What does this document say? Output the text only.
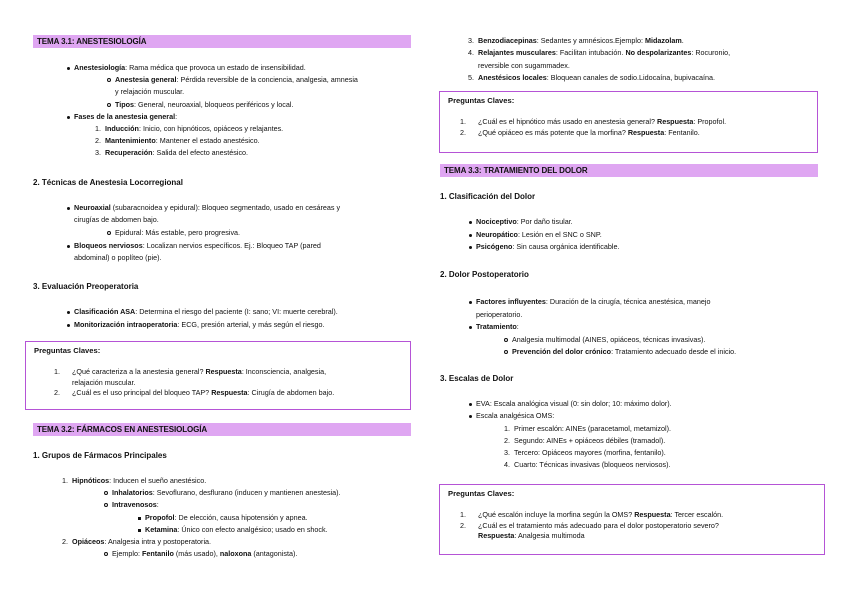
TEMA 3.1: ANESTESIOLOGÍA
Anestesiología: Rama médica que provoca un estado de insensibilidad.
Anestesia general: Pérdida reversible de la conciencia, analgesia, amnesia
y relajación muscular.
Tipos: General, neuroaxial, bloqueos periféricos y local.
Fases de la anestesia general:
1. Inducción: Inicio, con hipnóticos, opiáceos y relajantes.
2. Mantenimiento: Mantener el estado anestésico.
3. Recuperación: Salida del efecto anestésico.
2. Técnicas de Anestesia Locorregional
Neuroaxial (subaracnoidea y epidural): Bloqueo segmentado, usado en cesáreas y
cirugías de abdomen bajo.
Epidural: Más estable, pero progresiva.
Bloqueos nerviosos: Localizan nervios específicos. Ej.: Bloqueo TAP (pared
abdominal) o poplíteo (pie).
3. Evaluación Preoperatoria
Clasificación ASA: Determina el riesgo del paciente (I: sano; VI: muerte cerebral).
Monitorización intraoperatoria: ECG, presión arterial, y más según el riesgo.
Preguntas Claves:
1. ¿Qué caracteriza a la anestesia general? Respuesta: Inconsciencia, analgesia,
relajación muscular.
2. ¿Cuál es el uso principal del bloqueo TAP? Respuesta: Cirugía de abdomen bajo.
TEMA 3.2: FÁRMACOS EN ANESTESIOLOGÍA
1. Grupos de Fármacos Principales
1. Hipnóticos: Inducen el sueño anestésico.
Inhalatorios: Sevoflurano, desflurano (inducen y mantienen anestesia).
Intravenosos:
Propofol: De elección, causa hipotensión y apnea.
Ketamina: Único con efecto analgésico; usado en shock.
2. Opiáceos: Analgesia intra y postoperatoria.
Ejemplo: Fentanilo (más usado), naloxona (antagonista).
3. Benzodiacepinas: Sedantes y amnésicos.Ejemplo: Midazolam.
4. Relajantes musculares: Facilitan intubación. No despolarizantes: Rocuronio,
reversible con sugammadex.
5. Anestésicos locales: Bloquean canales de sodio.Lidocaína, bupivacaína.
Preguntas Claves:
1. ¿Cuál es el hipnótico más usado en anestesia general? Respuesta: Propofol.
2. ¿Qué opiáceo es más potente que la morfina? Respuesta: Fentanilo.
TEMA 3.3: TRATAMIENTO DEL DOLOR
1. Clasificación del Dolor
Nociceptivo: Por daño tisular.
Neuropático: Lesión en el SNC o SNP.
Psicógeno: Sin causa orgánica identificable.
2. Dolor Postoperatorio
Factores influyentes: Duración de la cirugía, técnica anestésica, manejo
perioperatorio.
Tratamiento:
Analgesia multimodal (AINES, opiáceos, técnicas invasivas).
Prevención del dolor crónico: Tratamiento adecuado desde el inicio.
3. Escalas de Dolor
EVA: Escala analógica visual (0: sin dolor; 10: máximo dolor).
Escala analgésica OMS:
1. Primer escalón: AINEs (paracetamol, metamizol).
2. Segundo: AINEs + opiáceos débiles (tramadol).
3. Tercero: Opiáceos mayores (morfina, fentanilo).
4. Cuarto: Técnicas invasivas (bloqueos nerviosos).
Preguntas Claves:
1. ¿Qué escalón incluye la morfina según la OMS? Respuesta: Tercer escalón.
2. ¿Cuál es el tratamiento más adecuado para el dolor postoperatorio severo?
Respuesta: Analgesia multimoda
